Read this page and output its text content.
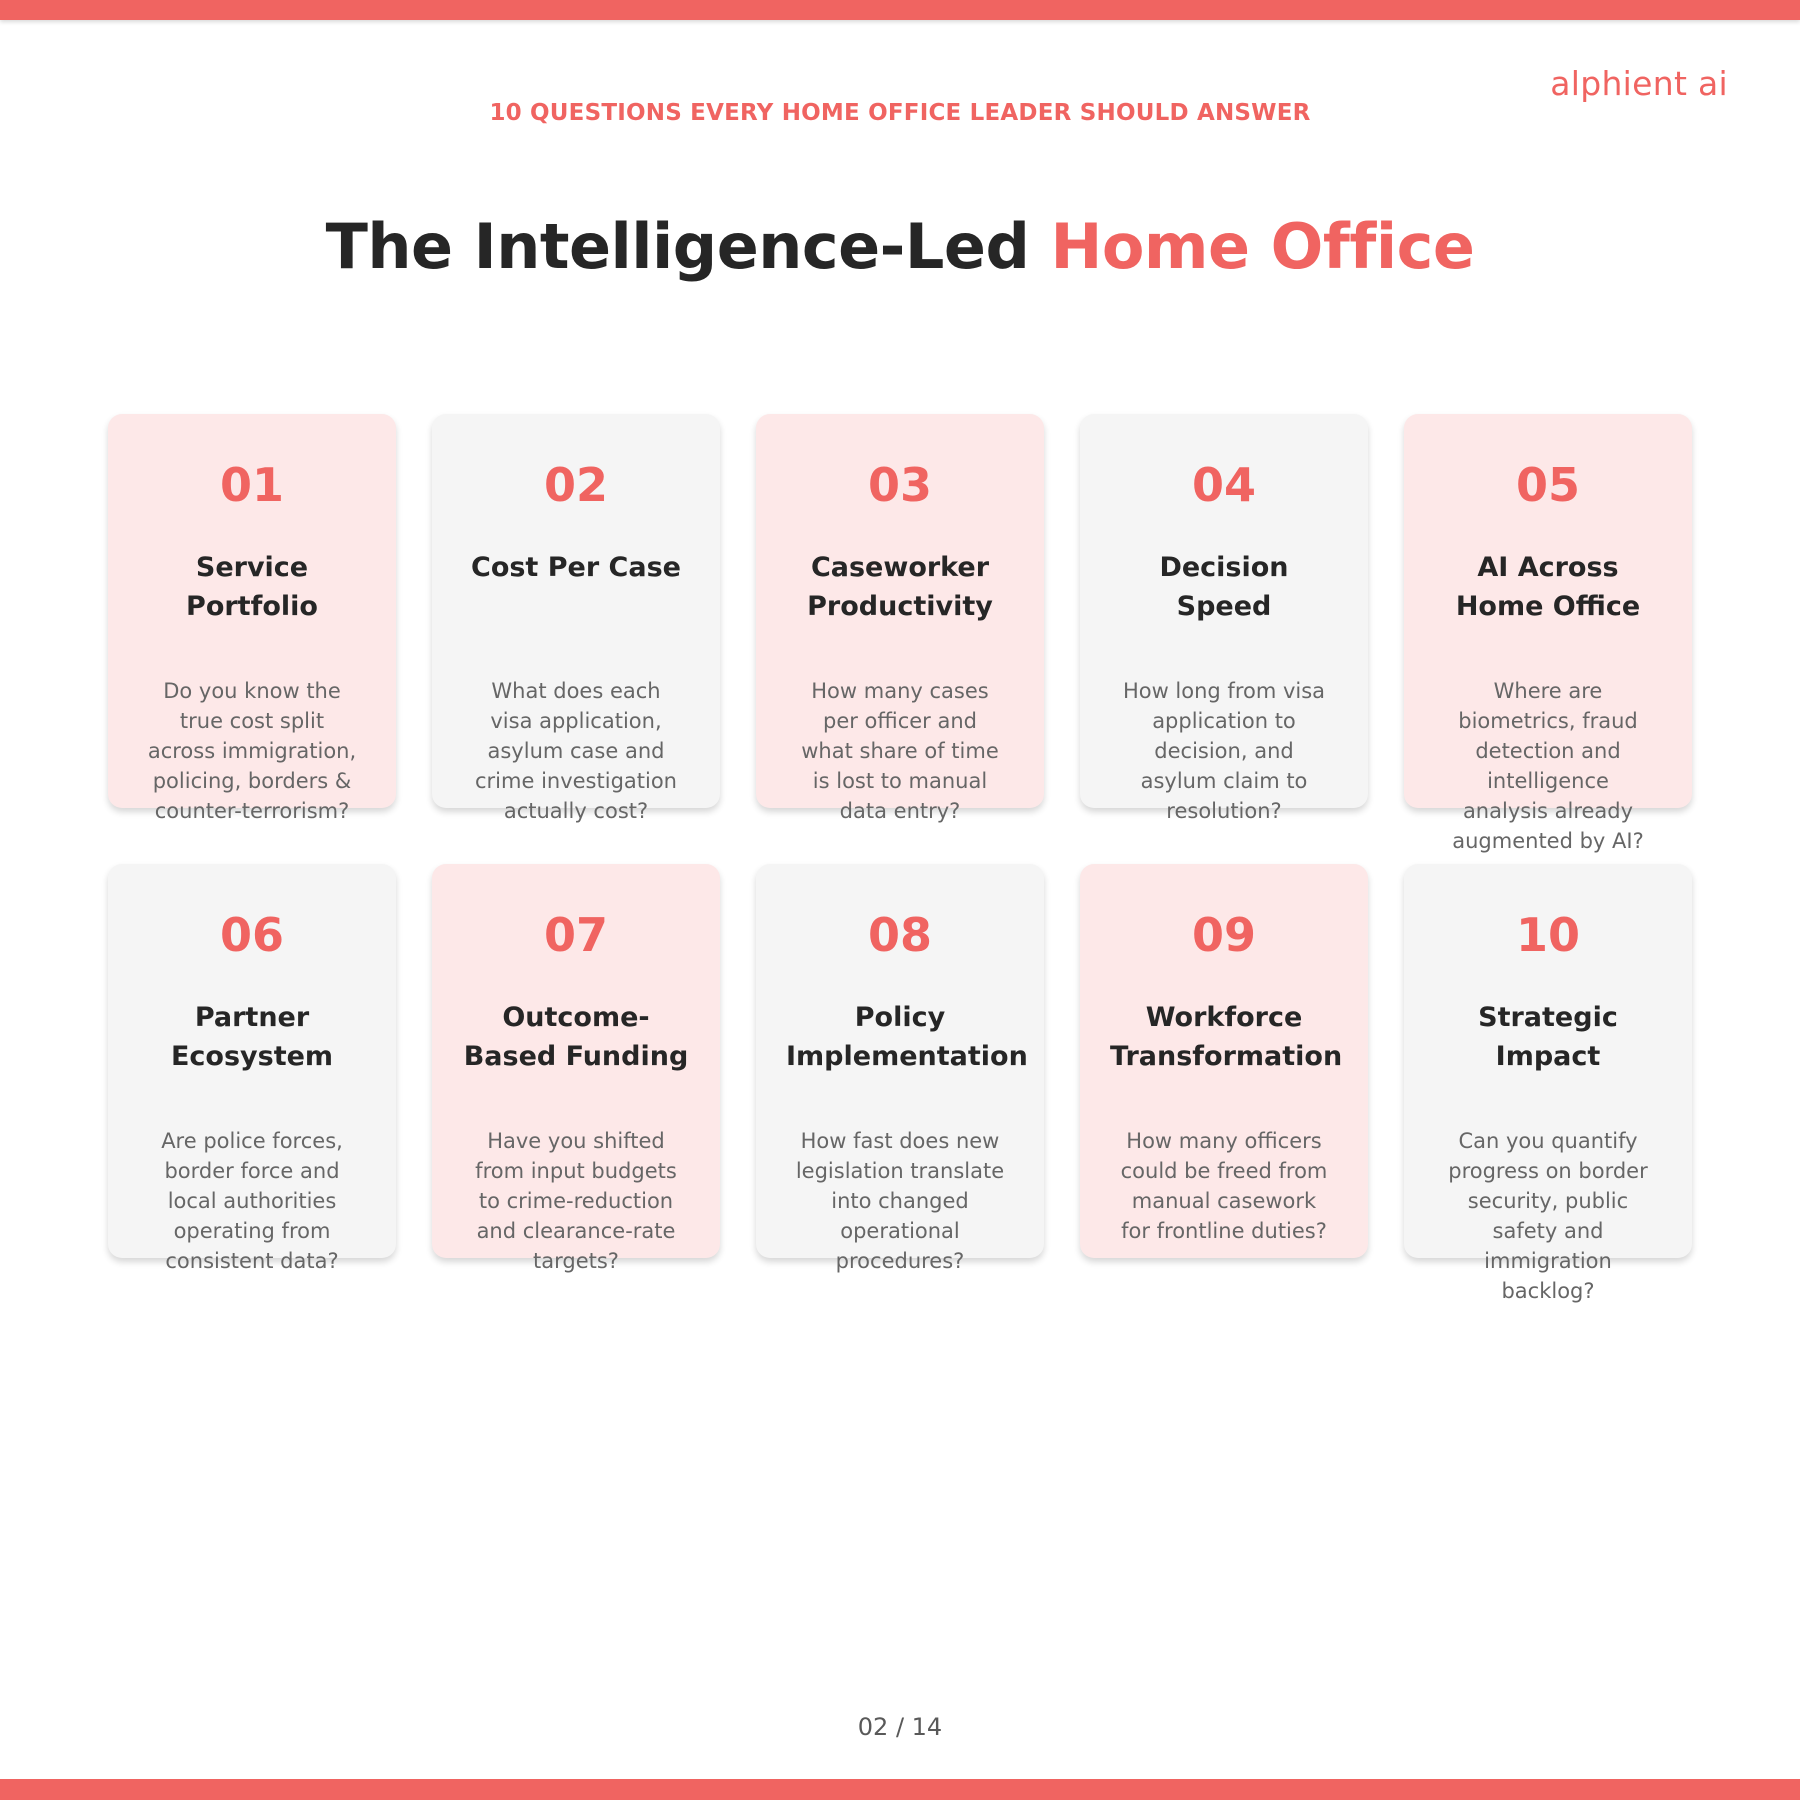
alphient ai
10 QUESTIONS EVERY HOME OFFICE LEADER SHOULD ANSWER
The Intelligence-Led Home Office
01
Service Portfolio
Do you know the true cost split across immigration, policing, borders & counter-terrorism?
02
Cost Per Case
What does each visa application, asylum case and crime investigation actually cost?
03
Caseworker Productivity
How many cases per officer and what share of time is lost to manual data entry?
04
Decision Speed
How long from visa application to decision, and asylum claim to resolution?
05
AI Across Home Office
Where are biometrics, fraud detection and intelligence analysis already augmented by AI?
06
Partner Ecosystem
Are police forces, border force and local authorities operating from consistent data?
07
Outcome-Based Funding
Have you shifted from input budgets to crime-reduction and clearance-rate targets?
08
Policy Implementation
How fast does new legislation translate into changed operational procedures?
09
Workforce Transformation
How many officers could be freed from manual casework for frontline duties?
10
Strategic Impact
Can you quantify progress on border security, public safety and immigration backlog?
02 / 14
